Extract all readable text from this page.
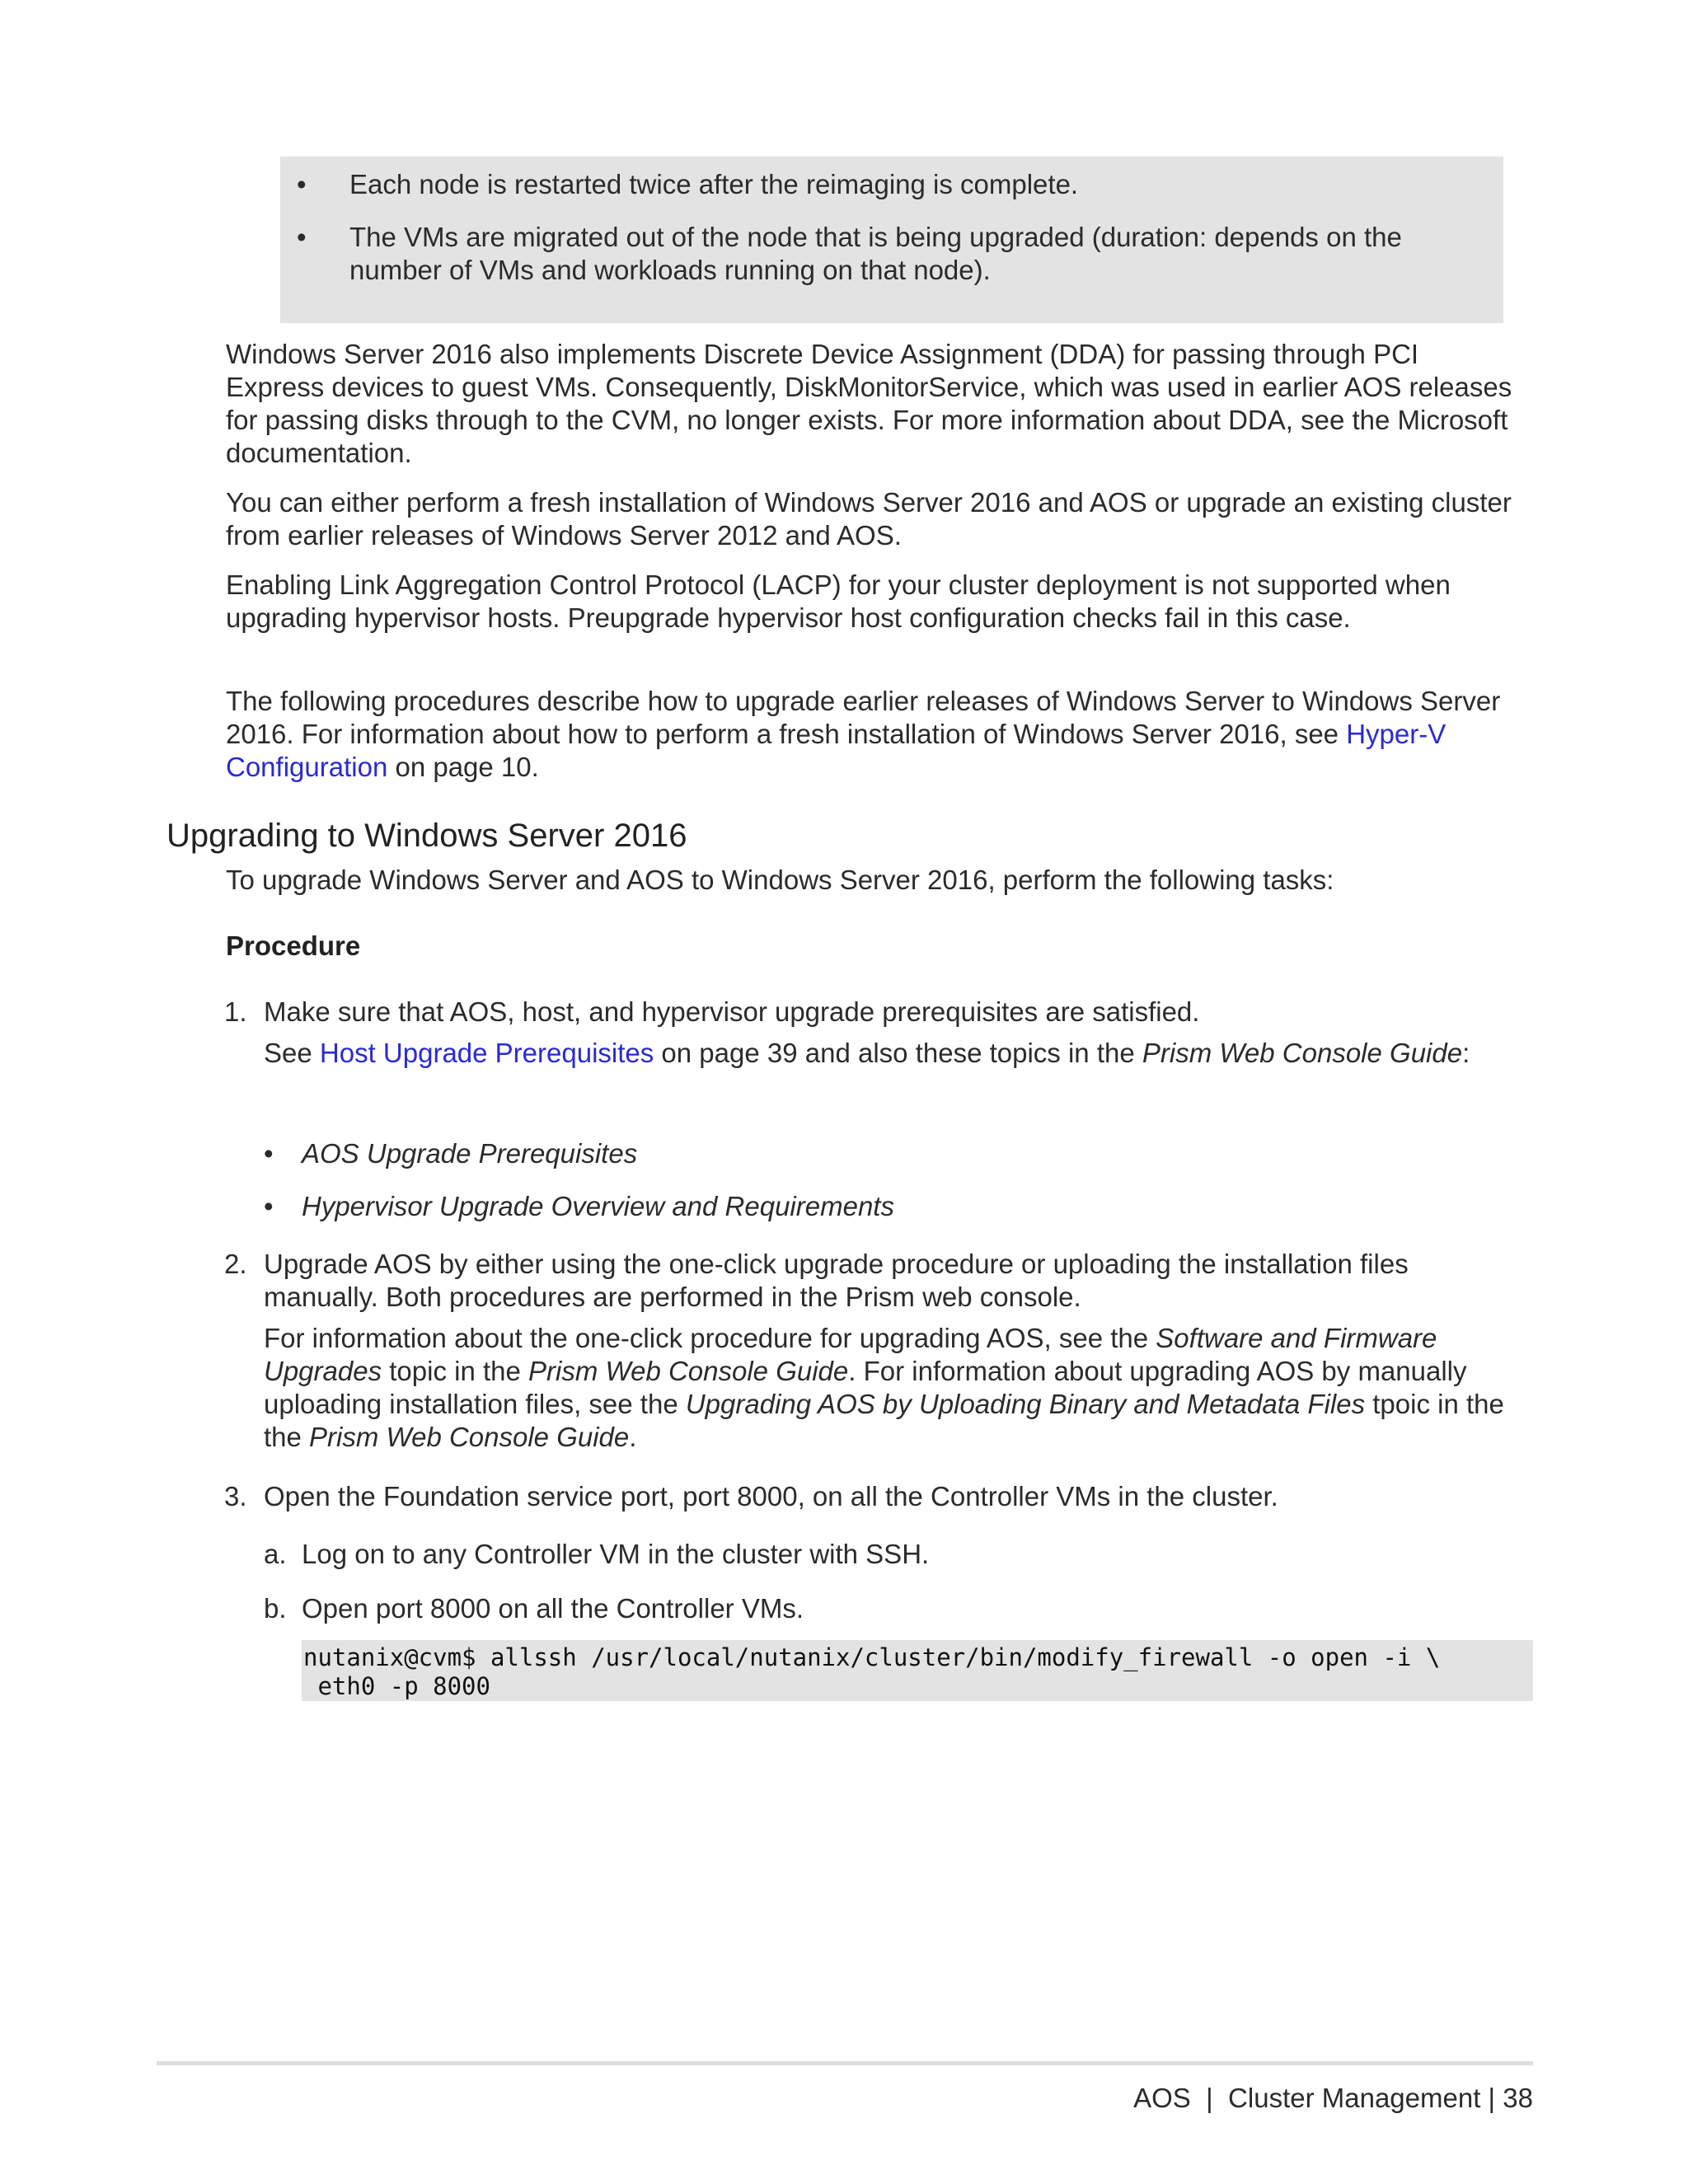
•	Each node is restarted twice after the reimaging is complete.
•	The VMs are migrated out of the node that is being upgraded (duration: depends on the number of VMs and workloads running on that node).

Windows Server 2016 also implements Discrete Device Assignment (DDA) for passing through PCI Express devices to guest VMs. Consequently, DiskMonitorService, which was used in earlier AOS releases for passing disks through to the CVM, no longer exists. For more information about DDA, see the Microsoft documentation.

You can either perform a fresh installation of Windows Server 2016 and AOS or upgrade an existing cluster from earlier releases of Windows Server 2012 and AOS.

Enabling Link Aggregation Control Protocol (LACP) for your cluster deployment is not supported when upgrading hypervisor hosts. Preupgrade hypervisor host configuration checks fail in this case.

The following procedures describe how to upgrade earlier releases of Windows Server to Windows Server 2016. For information about how to perform a fresh installation of Windows Server 2016, see Hyper-V Configuration on page 10.

Upgrading to Windows Server 2016

To upgrade Windows Server and AOS to Windows Server 2016, perform the following tasks:

Procedure
1. Make sure that AOS, host, and hypervisor upgrade prerequisites are satisfied.

See Host Upgrade Prerequisites on page 39 and also these topics in the Prism Web Console Guide:

• AOS Upgrade Prerequisites
• Hypervisor Upgrade Overview and Requirements
2. Upgrade AOS by either using the one-click upgrade procedure or uploading the installation files manually. Both procedures are performed in the Prism web console.

For information about the one-click procedure for upgrading AOS, see the Software and Firmware Upgrades topic in the Prism Web Console Guide. For information about upgrading AOS by manually uploading installation files, see the Upgrading AOS by Uploading Binary and Metadata Files tpoic in the the Prism Web Console Guide.

3. Open the Foundation service port, port 8000, on all the Controller VMs in the cluster.
a. Log on to any Controller VM in the cluster with SSH.
b. Open port 8000 on all the Controller VMs.
nutanix@cvm$ allssh /usr/local/nutanix/cluster/bin/modify_firewall -o open -i \
eth0 -p 8000
AOS  |  Cluster Management | 38
